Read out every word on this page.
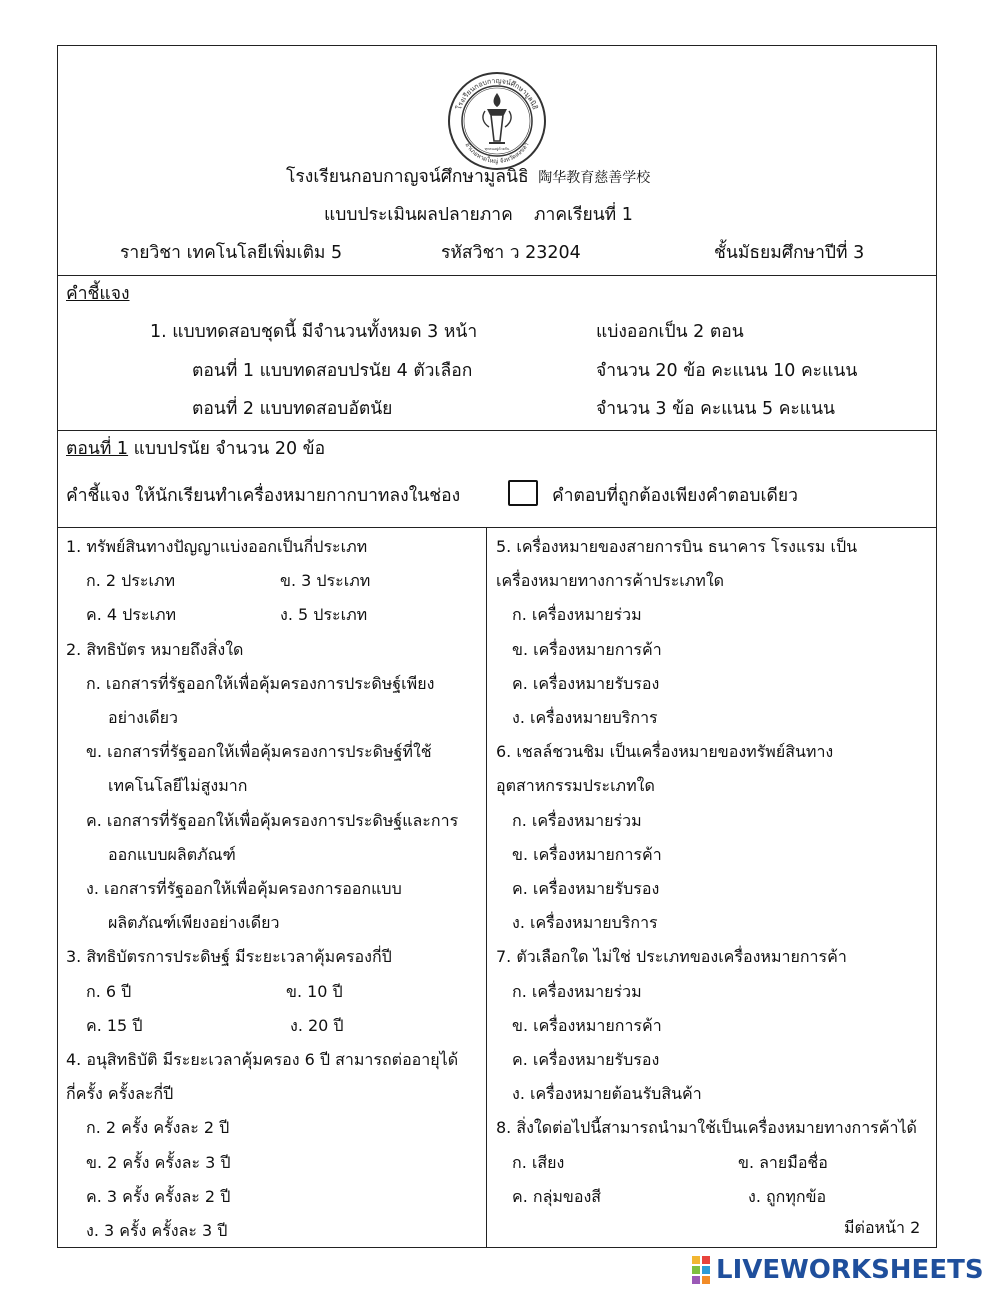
โรงเรียนกอบกาญจน์ศึกษามูลนิธิ
อำเภอหาดใหญ่ จังหวัดสงขลา
ทุกคนอยู่ด้วยกัน
โรงเรียนกอบกาญจน์ศึกษามูลนิธิ 陶华教育慈善学校
แบบประเมินผลปลายภาค ภาคเรียนที่ 1
รายวิชา เทคโนโลยีเพิ่มเติม 5	รหัสวิชา ว 23204	ชั้นมัธยมศึกษาปีที่ 3
คำชี้แจง
1. แบบทดสอบชุดนี้ มีจำนวนทั้งหมด 3 หน้า	แบ่งออกเป็น 2 ตอน
ตอนที่ 1 แบบทดสอบปรนัย 4 ตัวเลือก	จำนวน 20 ข้อ คะแนน 10 คะแนน
ตอนที่ 2 แบบทดสอบอัตนัย	จำนวน 3 ข้อ คะแนน 5 คะแนน
ตอนที่ 1 แบบปรนัย จำนวน 20 ข้อ
คำชี้แจง ให้นักเรียนทำเครื่องหมายกากบาทลงในช่อง	คำตอบที่ถูกต้องเพียงคำตอบเดียว
1. ทรัพย์สินทางปัญญาแบ่งออกเป็นกี่ประเภท
ก. 2 ประเภท	ข. 3 ประเภท
ค. 4 ประเภท	ง. 5 ประเภท
2. สิทธิบัตร หมายถึงสิ่งใด
ก. เอกสารที่รัฐออกให้เพื่อคุ้มครองการประดิษฐ์เพียง
อย่างเดียว
ข. เอกสารที่รัฐออกให้เพื่อคุ้มครองการประดิษฐ์ที่ใช้
เทคโนโลยีไม่สูงมาก
ค. เอกสารที่รัฐออกให้เพื่อคุ้มครองการประดิษฐ์และการ
ออกแบบผลิตภัณฑ์
ง. เอกสารที่รัฐออกให้เพื่อคุ้มครองการออกแบบ
ผลิตภัณฑ์เพียงอย่างเดียว
3. สิทธิบัตรการประดิษฐ์ มีระยะเวลาคุ้มครองกี่ปี
ก. 6 ปี	ข. 10 ปี
ค. 15 ปี	ง. 20 ปี
4. อนุสิทธิบัติ มีระยะเวลาคุ้มครอง 6 ปี สามารถต่ออายุได้
กี่ครั้ง ครั้งละกี่ปี
ก. 2 ครั้ง ครั้งละ 2 ปี
ข. 2 ครั้ง ครั้งละ 3 ปี
ค. 3 ครั้ง ครั้งละ 2 ปี
ง. 3 ครั้ง ครั้งละ 3 ปี
5. เครื่องหมายของสายการบิน ธนาคาร โรงแรม เป็น
เครื่องหมายทางการค้าประเภทใด
ก. เครื่องหมายร่วม
ข. เครื่องหมายการค้า
ค. เครื่องหมายรับรอง
ง. เครื่องหมายบริการ
6. เชลล์ชวนชิม เป็นเครื่องหมายของทรัพย์สินทาง
อุตสาหกรรมประเภทใด
ก. เครื่องหมายร่วม
ข. เครื่องหมายการค้า
ค. เครื่องหมายรับรอง
ง. เครื่องหมายบริการ
7. ตัวเลือกใด ไม่ใช่ ประเภทของเครื่องหมายการค้า
ก. เครื่องหมายร่วม
ข. เครื่องหมายการค้า
ค. เครื่องหมายรับรอง
ง. เครื่องหมายต้อนรับสินค้า
8. สิ่งใดต่อไปนี้สามารถนำมาใช้เป็นเครื่องหมายทางการค้าได้
ก. เสียง	ข. ลายมือชื่อ
ค. กลุ่มของสี	ง. ถูกทุกข้อ
มีต่อหน้า 2
LIVEWORKSHEETS
